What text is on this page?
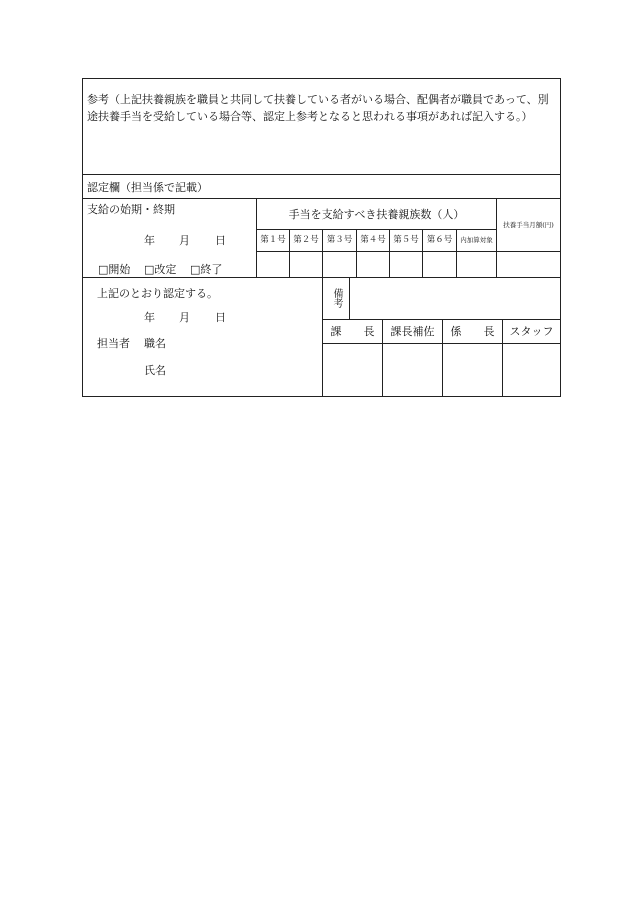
参考（上記扶養親族を職員と共同して扶養している者がいる場合、配偶者が職員であって、別途扶養手当を受給している場合等、認定上参考となると思われる事項があれば記入する。）
認定欄（担当係で記載）
支給の始期・終期
年 月 日
□開始 □改定 □終了
手当を支給すべき扶養親族数（人）
扶養手当月額(円)
第１号 第２号 第３号 第４号 第５号 第６号	内加算対象
上記のとおり認定する。
年 月 日
担当者 職名
氏名
備考
課　　長	課長補佐	係　　長	スタッフ
